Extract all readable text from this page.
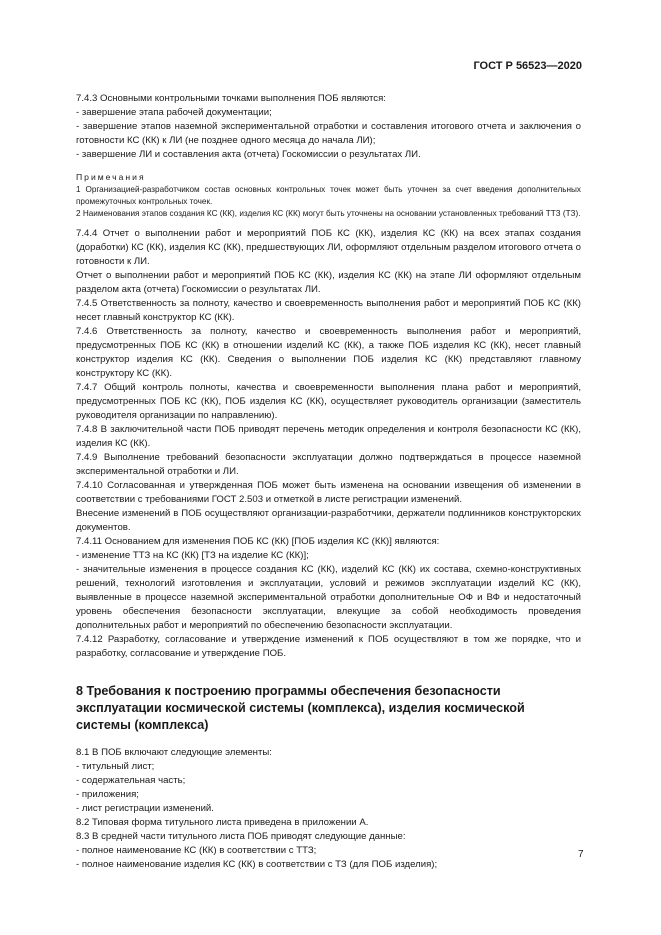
ГОСТ Р 56523—2020

7.4.3 Основными контрольными точками выполнения ПОБ являются:

- завершение этапа рабочей документации;

- завершение этапов наземной экспериментальной отработки и составления итогового отчета и заключения о готовности КС (КК) к ЛИ (не позднее одного месяца до начала ЛИ);

- завершение ЛИ и составления акта (отчета) Госкомиссии о результатах ЛИ.

Примечания

1 Организацией-разработчиком состав основных контрольных точек может быть уточнен за счет введения дополнительных промежуточных контрольных точек.

2 Наименования этапов создания КС (КК), изделия КС (КК) могут быть уточнены на основании установленных требований ТТЗ (ТЗ).

7.4.4 Отчет о выполнении работ и мероприятий ПОБ КС (КК), изделия КС (КК) на всех этапах создания (доработки) КС (КК), изделия КС (КК), предшествующих ЛИ, оформляют отдельным разделом итогового отчета о готовности к ЛИ.

Отчет о выполнении работ и мероприятий ПОБ КС (КК), изделия КС (КК) на этапе ЛИ оформляют отдельным разделом акта (отчета) Госкомиссии о результатах ЛИ.

7.4.5 Ответственность за полноту, качество и своевременность выполнения работ и мероприятий ПОБ КС (КК) несет главный конструктор КС (КК).

7.4.6 Ответственность за полноту, качество и своевременность выполнения работ и мероприятий, предусмотренных ПОБ КС (КК) в отношении изделий КС (КК), а также ПОБ изделия КС (КК), несет главный конструктор изделия КС (КК). Сведения о выполнении ПОБ изделия КС (КК) представляют главному конструктору КС (КК).

7.4.7 Общий контроль полноты, качества и своевременности выполнения плана работ и мероприятий, предусмотренных ПОБ КС (КК), ПОБ изделия КС (КК), осуществляет руководитель организации (заместитель руководителя организации по направлению).

7.4.8 В заключительной части ПОБ приводят перечень методик определения и контроля безопасности КС (КК), изделия КС (КК).

7.4.9 Выполнение требований безопасности эксплуатации должно подтверждаться в процессе наземной экспериментальной отработки и ЛИ.

7.4.10 Согласованная и утвержденная ПОБ может быть изменена на основании извещения об изменении в соответствии с требованиями ГОСТ 2.503 и отметкой в листе регистрации изменений.

Внесение изменений в ПОБ осуществляют организации-разработчики, держатели подлинников конструкторских документов.

7.4.11 Основанием для изменения ПОБ КС (КК) [ПОБ изделия КС (КК)] являются:

- изменение ТТЗ на КС (КК) [ТЗ на изделие КС (КК)];

- значительные изменения в процессе создания КС (КК), изделий КС (КК) их состава, схемно-конструктивных решений, технологий изготовления и эксплуатации, условий и режимов эксплуатации изделий КС (КК), выявленные в процессе наземной экспериментальной отработки дополнительные ОФ и ВФ и недостаточный уровень обеспечения безопасности эксплуатации, влекущие за собой необходимость проведения дополнительных работ и мероприятий по обеспечению безопасности эксплуатации.

7.4.12 Разработку, согласование и утверждение изменений к ПОБ осуществляют в том же порядке, что и разработку, согласование и утверждение ПОБ.

8 Требования к построению программы обеспечения безопасности эксплуатации космической системы (комплекса), изделия космической системы (комплекса)

8.1 В ПОБ включают следующие элементы:

- титульный лист;

- содержательная часть;

- приложения;

- лист регистрации изменений.

8.2 Типовая форма титульного листа приведена в приложении А.

8.3 В средней части титульного листа ПОБ приводят следующие данные:

- полное наименование КС (КК) в соответствии с ТТЗ;

- полное наименование изделия КС (КК) в соответствии с ТЗ (для ПОБ изделия);

7
